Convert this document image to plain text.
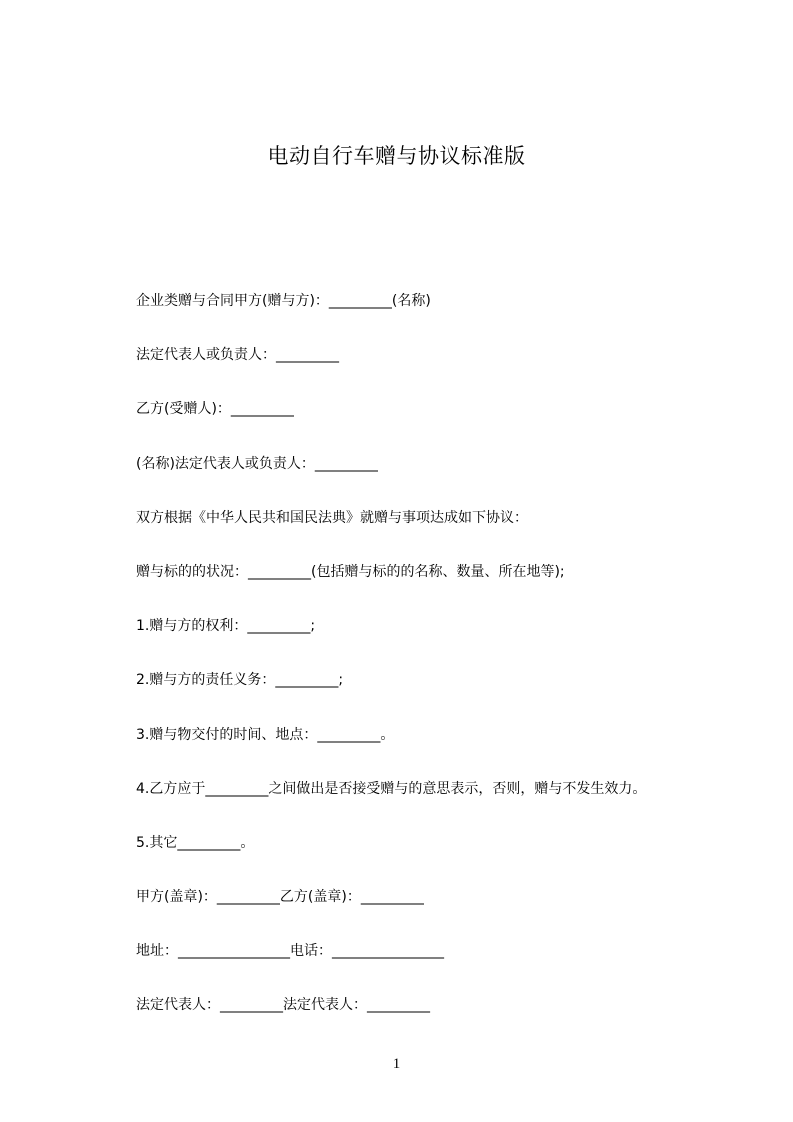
电动自行车赠与协议标准版
企业类赠与合同甲方(赠与方)：_________(名称)
法定代表人或负责人：_________
乙方(受赠人)：_________
(名称)法定代表人或负责人：_________
双方根据《中华人民共和国民法典》就赠与事项达成如下协议：
赠与标的的状况：_________(包括赠与标的的名称、数量、所在地等);
1.赠与方的权利：_________;
2.赠与方的责任义务：_________;
3.赠与物交付的时间、地点：_________。
4.乙方应于_________之间做出是否接受赠与的意思表示，否则，赠与不发生效力。
5.其它_________。
甲方(盖章)：_________乙方(盖章)：_________
地址：________________电话：________________
法定代表人：_________法定代表人：_________
1
